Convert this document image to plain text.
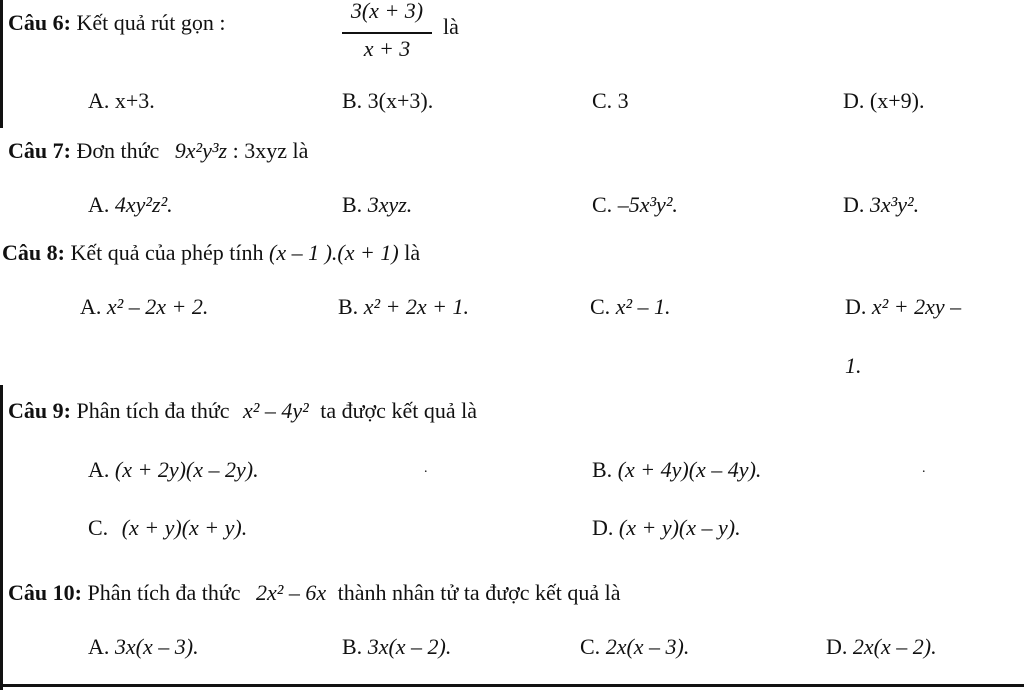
Câu 6: Kết quả rút gọn :	3(x + 3)
x + 3
là
A. x+3.	B. 3(x+3).	C. 3	D. (x+9).
Câu 7: Đơn thức 9x²y³z : 3xyz là
A. 4xy²z².	B. 3xyz.	C. –5x³y².	D. 3x³y².
Câu 8: Kết quả của phép tính (x – 1 ).(x + 1) là
A. x² – 2x + 2.	B. x² + 2x + 1.	C. x² – 1.	D. x² + 2xy –
1.
Câu 9: Phân tích đa thức x² – 4y² ta được kết quả là
A. (x + 2y)(x – 2y).	.	B. (x + 4y)(x – 4y).	.
C. (x + y)(x + y).	D. (x + y)(x – y).
Câu 10: Phân tích đa thức 2x² – 6x thành nhân tử ta được kết quả là
A. 3x(x – 3).	B. 3x(x – 2).	C. 2x(x – 3).	D. 2x(x – 2).
